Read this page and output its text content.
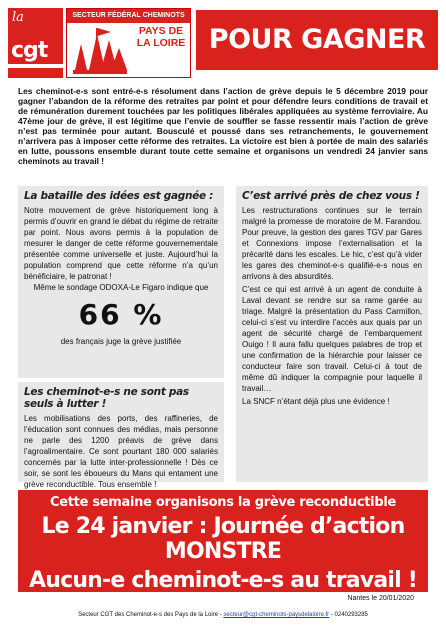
la
cgt
SECTEUR FÉDÉRAL CHEMINOTS
PAYS DE LA LOIRE POUR GAGNER
Les cheminot-e-s sont entré-e-s résolument dans l’action de grève depuis le 5 décembre 2019 pour gagner l’abandon de la réforme des retraites par point et pour défendre leurs conditions de travail et de rémunération durement touchées par les politiques libérales appliquées au système ferroviaire. Au 47ème jour de grève, il est légitime que l’envie de souffler se fasse ressentir mais l’action de grève n’est pas terminée pour autant. Bousculé et poussé dans ses retranchements, le gouvernement n’arrivera pas à imposer cette réforme des retraites. La victoire est bien à portée de main des salariés en lutte, poussons ensemble durant toute cette semaine et organisons un vendredi 24 janvier sans cheminots au travail !
La bataille des idées est gagnée :

Notre mouvement de grève historiquement long à permis d’ouvrir en grand le débat du régime de retraite par point. Nous avons permis à la population de mesurer le danger de cette réforme gouvernementale présentée comme universelle et juste. Aujourd’hui la population comprend que cette réforme n’a qu’un bénéficiaire, le patronat !

Même le sondage ODOXA-Le Figaro indique que
66 %
des français juge la grève justifiée
Les cheminot-e-s ne sont pas seuls à lutter !

Les mobilisations des ports, des raffineries, de l’éducation sont connues des médias, mais personne ne parle des 1200 préavis de grève dans l’agroalimentaire. Ce sont pourtant 180 000 salariés concernés par la lutte inter-professionnelle ! Dès ce soir, se sont les éboueurs du Mans qui entament une grève reconductible. Tous ensemble !

C’est arrivé près de chez vous !

Les restructurations continues sur le terrain malgré la promesse de moratoire de M. Farandou. Pour preuve, la gestion des gares TGV par Gares et Connexions impose l’externalisation et la précarité dans les escales. Le hic, c’est qu’à vider les gares des cheminot-e-s qualifié-e-s nous en arrivons à des absurdités.

C’est ce qui est arrivé à un agent de conduite à Laval devant se rendre sur sa rame garée au triage. Malgré la présentation du Pass Carmillon, celui-ci s’est vu interdire l’accès aux quais par un agent de sécurité chargé de l’embarquement Ouigo ! Il aura fallu quelques palabres de trop et une confirmation de la hiérarchie pour laisser ce conducteur faire son travail. Celui-ci à tout de même dû indiquer la compagnie pour laquelle il travail…

La SNCF n’étant déjà plus une évidence !

Cette semaine organisons la grève reconductible
Le 24 janvier : Journée d’action MONSTRE
Aucun-e cheminot-e-s au travail !
Nantes le 20/01/2020
Secteur CGT des Cheminot-e-s des Pays de la Loire - secteur@cgt-cheminots-paysdelaloire.fr - 0240293285
